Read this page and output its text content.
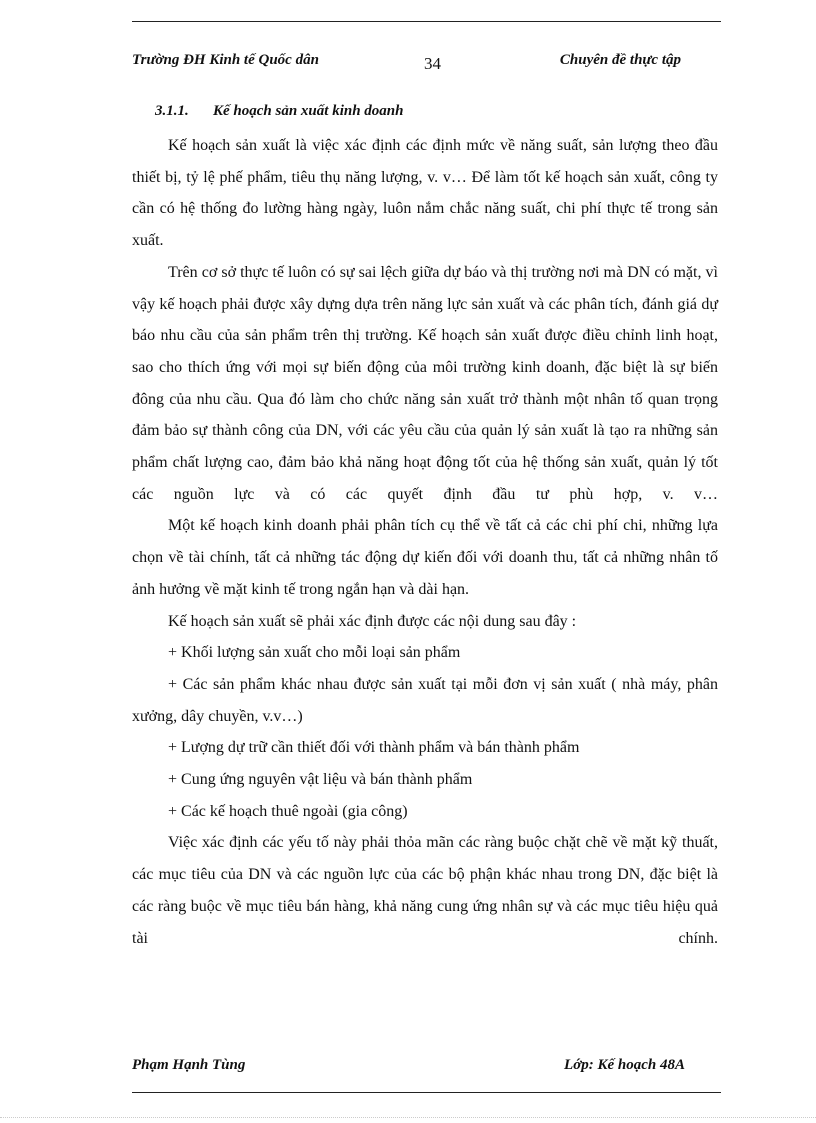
Trường ĐH Kinh tế Quốc dân	34	Chuyên đề thực tập
3.1.1. Kế hoạch sản xuất kinh doanh

Kế hoạch sản xuất là việc xác định các định mức về năng suất, sản lượng theo đầu thiết bị, tỷ lệ phế phẩm, tiêu thụ năng lượng, v. v… Để làm tốt kế hoạch sản xuất, công ty cần có hệ thống đo lường hàng ngày, luôn nắm chắc năng suất, chi phí thực tế trong sản xuất.

Trên cơ sở thực tế luôn có sự sai lệch giữa dự báo và thị trường nơi mà DN có mặt, vì vậy kế hoạch phải được xây dựng dựa trên năng lực sản xuất và các phân tích, đánh giá dự báo nhu cầu của sản phẩm trên thị trường. Kế hoạch sản xuất được điều chỉnh linh hoạt, sao cho thích ứng với mọi sự biến động của môi trường kinh doanh, đặc biệt là sự biến đông của nhu cầu. Qua đó làm cho chức năng sản xuất trở thành một nhân tố quan trọng đảm bảo sự thành công của DN, với các yêu cầu của quản lý sản xuất là tạo ra những sản phẩm chất lượng cao, đảm bảo khả năng hoạt động tốt của hệ thống sản xuất, quản lý tốt các nguồn lực và có các quyết định đầu tư phù hợp, v. v…

Một kế hoạch kinh doanh phải phân tích cụ thể về tất cả các chi phí chi, những lựa chọn về tài chính, tất cả những tác động dự kiến đối với doanh thu, tất cả những nhân tố ảnh hưởng về mặt kinh tế trong ngắn hạn và dài hạn.

Kế hoạch sản xuất sẽ phải xác định được các nội dung sau đây :

+ Khối lượng sản xuất cho mỗi loại sản phẩm

+ Các sản phẩm khác nhau được sản xuất tại mỗi đơn vị sản xuất ( nhà máy, phân xưởng, dây chuyền, v.v…)

+ Lượng dự trữ cần thiết đối với thành phẩm và bán thành phẩm

+ Cung ứng nguyên vật liệu và bán thành phẩm

+ Các kế hoạch thuê ngoài (gia công)

Việc xác định các yếu tố này phải thỏa mãn các ràng buộc chặt chẽ về mặt kỹ thuất, các mục tiêu của DN và các nguồn lực của các bộ phận khác nhau trong DN, đặc biệt là các ràng buộc về mục tiêu bán hàng, khả năng cung ứng nhân sự và các mục tiêu hiệu quả tài chính.

Phạm Hạnh Tùng	Lớp: Kế hoạch 48A
